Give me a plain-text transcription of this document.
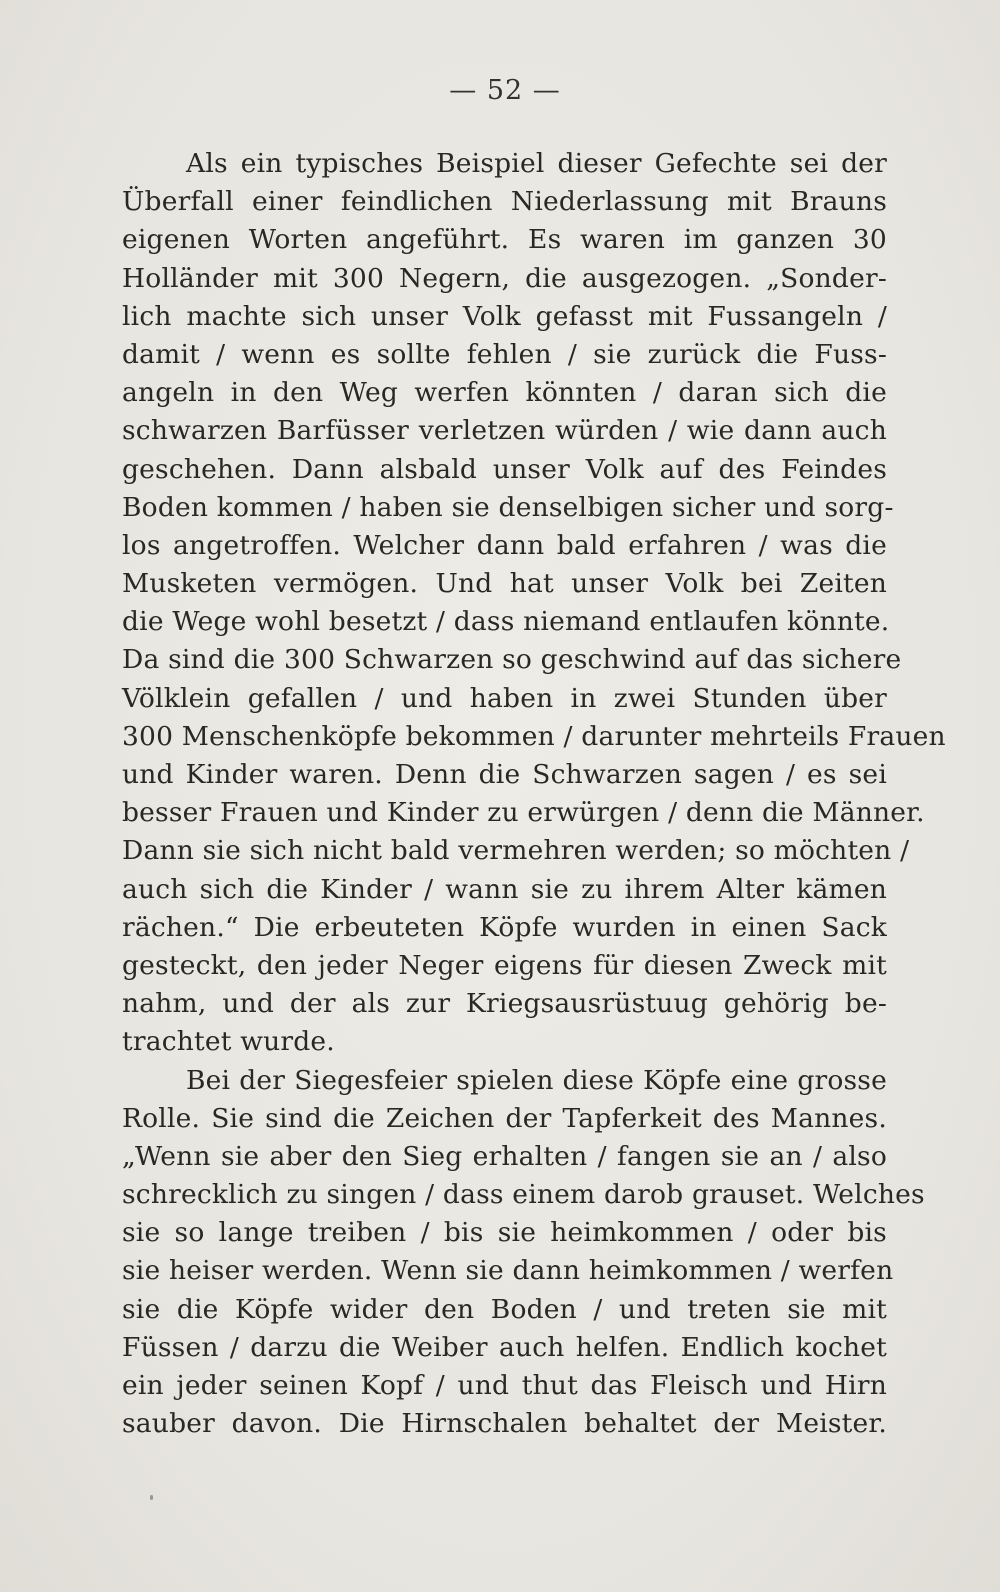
— 52 —
Als ein typisches Beispiel dieser Gefechte sei der
Überfall einer feindlichen Niederlassung mit Brauns
eigenen Worten angeführt. Es waren im ganzen 30
Holländer mit 300 Negern, die ausgezogen. „Sonder-
lich machte sich unser Volk gefasst mit Fussangeln /
damit / wenn es sollte fehlen / sie zurück die Fuss-
angeln in den Weg werfen könnten / daran sich die
schwarzen Barfüsser verletzen würden / wie dann auch
geschehen. Dann alsbald unser Volk auf des Feindes
Boden kommen / haben sie denselbigen sicher und sorg-
los angetroffen. Welcher dann bald erfahren / was die
Musketen vermögen. Und hat unser Volk bei Zeiten
die Wege wohl besetzt / dass niemand entlaufen könnte.
Da sind die 300 Schwarzen so geschwind auf das sichere
Völklein gefallen / und haben in zwei Stunden über
300 Menschenköpfe bekommen / darunter mehrteils Frauen
und Kinder waren. Denn die Schwarzen sagen / es sei
besser Frauen und Kinder zu erwürgen / denn die Männer.
Dann sie sich nicht bald vermehren werden; so möchten /
auch sich die Kinder / wann sie zu ihrem Alter kämen
rächen.“ Die erbeuteten Köpfe wurden in einen Sack
gesteckt, den jeder Neger eigens für diesen Zweck mit
nahm, und der als zur Kriegsausrüstuug gehörig be-
trachtet wurde.
Bei der Siegesfeier spielen diese Köpfe eine grosse
Rolle. Sie sind die Zeichen der Tapferkeit des Mannes.
„Wenn sie aber den Sieg erhalten / fangen sie an / also
schrecklich zu singen / dass einem darob grauset. Welches
sie so lange treiben / bis sie heimkommen / oder bis
sie heiser werden. Wenn sie dann heimkommen / werfen
sie die Köpfe wider den Boden / und treten sie mit
Füssen / darzu die Weiber auch helfen. Endlich kochet
ein jeder seinen Kopf / und thut das Fleisch und Hirn
sauber davon. Die Hirnschalen behaltet der Meister.
